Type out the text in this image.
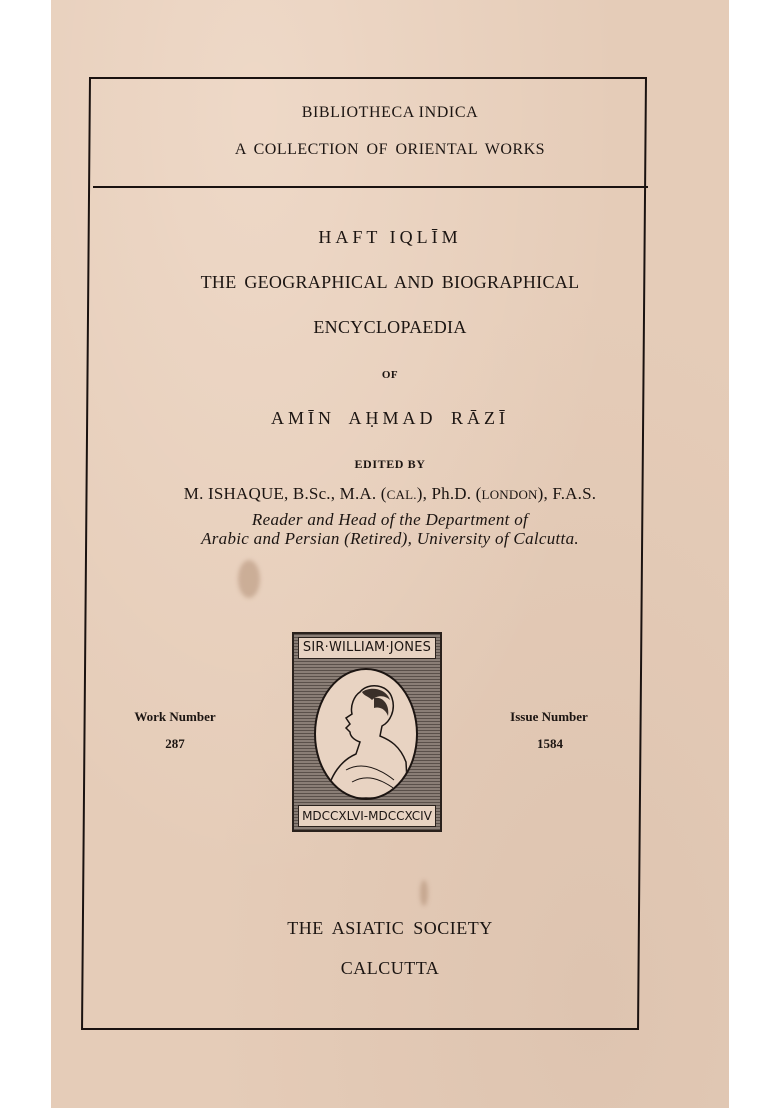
BIBLIOTHECA INDICA
A COLLECTION OF ORIENTAL WORKS
HAFT IQLĪM
THE GEOGRAPHICAL AND BIOGRAPHICAL
ENCYCLOPAEDIA
OF
AMĪN AḤMAD RĀZĪ
EDITED BY
M. ISHAQUE, B.Sc., M.A. (CAL.), Ph.D. (LONDON), F.A.S.
Reader and Head of the Department of
Arabic and Persian (Retired), University of Calcutta.
Work Number
287
Issue Number
1584
SIR·WILLIAM·JONES
MDCCXLVI-MDCCXCIV
THE ASIATIC SOCIETY
CALCUTTA
